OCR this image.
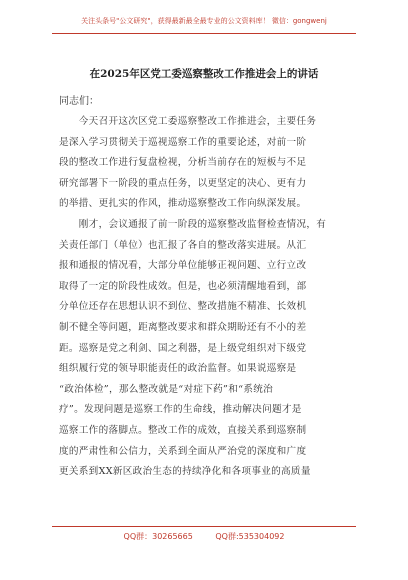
关注头条号"公文研究"，获得最新最全最专业的公文资料库！ 微信：gongwenj
在2025年区党工委巡察整改工作推进会上的讲话
同志们：
　　今天召开这次区党工委巡察整改工作推进会，主要任务
是深入学习贯彻关于巡视巡察工作的重要论述，对前一阶
段的整改工作进行复盘检视，分析当前存在的短板与不足
研究部署下一阶段的重点任务，以更坚定的决心、更有力
的举措、更扎实的作风，推动巡察整改工作向纵深发展。
　　刚才，会议通报了前一阶段的巡察整改监督检查情况，有
关责任部门（单位）也汇报了各自的整改落实进展。从汇
报和通报的情况看，大部分单位能够正视问题、立行立改
取得了一定的阶段性成效。但是，也必须清醒地看到，部
分单位还存在思想认识不到位、整改措施不精准、长效机
制不健全等问题，距离整改要求和群众期盼还有不小的差
距。巡察是党之利剑、国之利器，是上级党组织对下级党
组织履行党的领导职能责任的政治监督。如果说巡察是
“政治体检”，那么整改就是“对症下药”和“系统治
疗”。发现问题是巡察工作的生命线，推动解决问题才是
巡察工作的落脚点。整改工作的成效，直接关系到巡察制
度的严肃性和公信力，关系到全面从严治党的深度和广度
更关系到XX新区政治生态的持续净化和各项事业的高质量
QQ群：30265665	QQ群:535304092
